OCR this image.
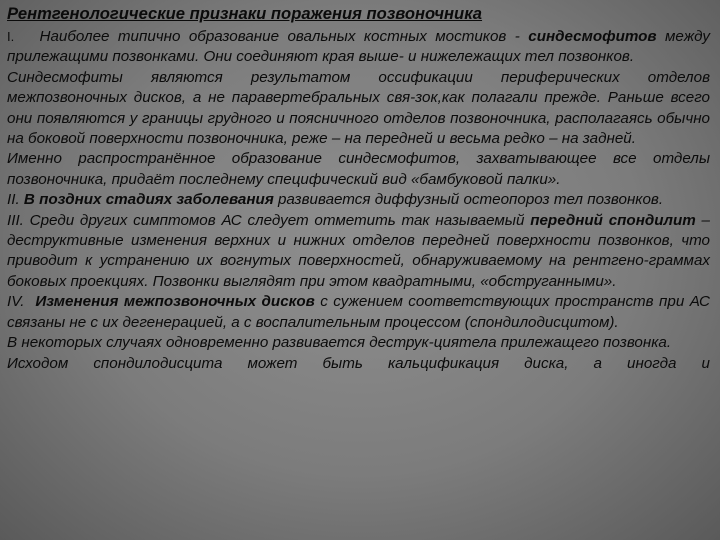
Рентгенологические признаки поражения позвоночника

I. Наиболее типично образование овальных костных мостиков - синдесмофитов между прилежащими позвонками. Они соединяют края выше- и нижележащих тел позвонков.

Синдесмофиты являются результатом оссификации периферических отделов межпозвоночных дисков, а не паравертебральных свя-зок,как полагали прежде. Раньше всего они появляются у границы грудного и поясничного отделов позвоночника, располагаясь обычно на боковой поверхности позвоночника, реже – на передней и весьма редко – на задней.

Именно распространённое образование синдесмофитов, захватывающее все отделы позвоночника, придаёт последнему специфический вид «бамбуковой палки».

II. В поздних стадиях заболевания развивается диффузный остеопороз тел позвонков.

III. Среди других симптомов АС следует отметить так называемый передний спондилит – деструктивные изменения верхних и нижних отделов передней поверхности позвонков, что приводит к устранению их вогнутых поверхностей, обнаруживаемому на рентгено-граммах боковых проекциях. Позвонки выглядят при этом квадратными, «обструганными».

IV. Изменения межпозвоночных дисков с сужением соответствующих пространств при АС связаны не с их дегенерацией, а с воспалительным процессом (спондилодисцитом).

В некоторых случаях одновременно развивается деструк-циятела прилежащего позвонка.

Исходом спондилодисцита может быть кальцификация диска, а иногда и
